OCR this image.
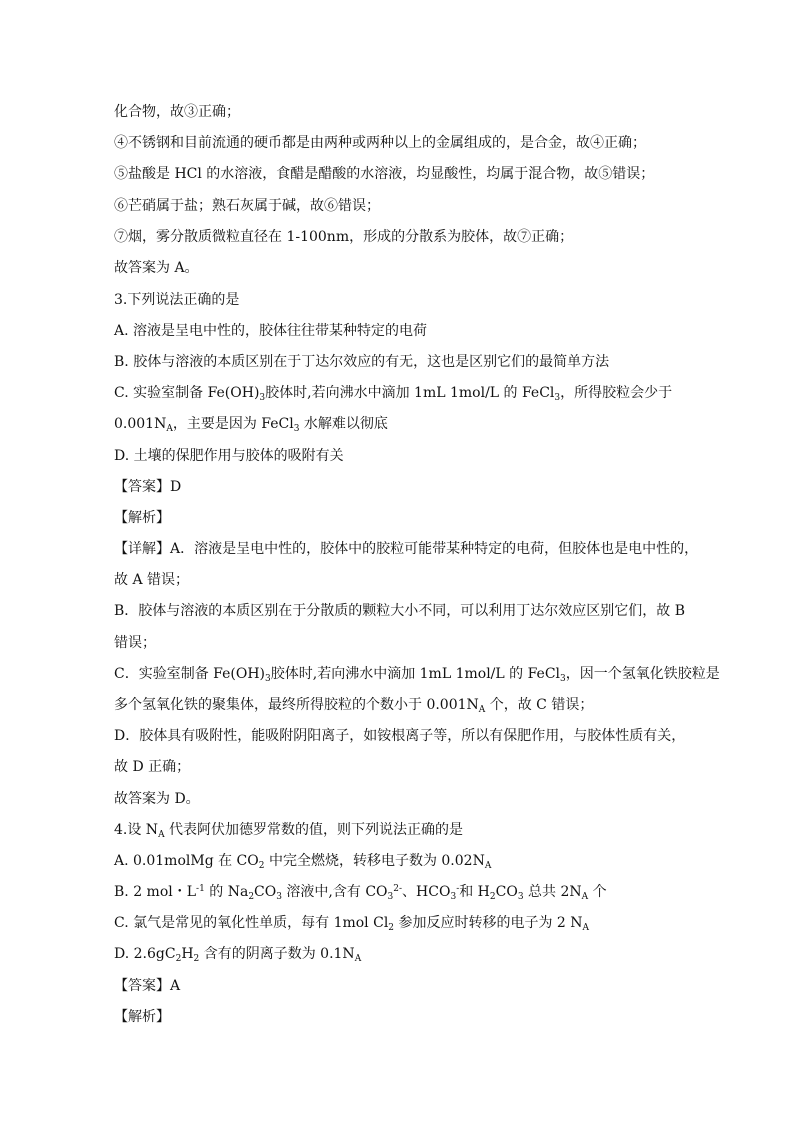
化合物，故③正确；
④不锈钢和目前流通的硬币都是由两种或两种以上的金属组成的，是合金，故④正确；
⑤盐酸是 HCl 的水溶液，食醋是醋酸的水溶液，均显酸性，均属于混合物，故⑤错误；
⑥芒硝属于盐；熟石灰属于碱，故⑥错误；
⑦烟，雾分散质微粒直径在 1-100nm，形成的分散系为胶体，故⑦正确；
故答案为 A。
3.下列说法正确的是
A. 溶液是呈电中性的，胶体往往带某种特定的电荷
B. 胶体与溶液的本质区别在于丁达尔效应的有无，这也是区别它们的最简单方法
C. 实验室制备 $Fe(OH)_3$胶体时,若向沸水中滴加 1mL 1mol/L 的 FeCl$_3$，所得胶粒会少于
$0.001N_A$，主要是因为 FeCl$_3$ 水解难以彻底
D. 土壤的保肥作用与胶体的吸附有关
【答案】D
【解析】
【详解】A．溶液是呈电中性的，胶体中的胶粒可能带某种特定的电荷，但胶体也是电中性的，
故 A 错误；
B．胶体与溶液的本质区别在于分散质的颗粒大小不同，可以利用丁达尔效应区别它们，故 B
错误；
C．实验室制备 $Fe(OH)_3$胶体时,若向沸水中滴加 1mL 1mol/L 的 FeCl$_3$，因一个氢氧化铁胶粒是
多个氢氧化铁的聚集体，最终所得胶粒的个数小于 $0.001N_A$ 个，故 C 错误；
D．胶体具有吸附性，能吸附阴阳离子，如铵根离子等，所以有保肥作用，与胶体性质有关，
故 D 正确；
故答案为 D。
4.设 $N_A$ 代表阿伏加德罗常数的值，则下列说法正确的是
A. 0.01molMg 在 $CO_2$ 中完全燃烧，转移电子数为 $0.02N_A$
B. 2 mol・$L^{-1}$ 的 $Na_2CO_3$ 溶液中,含有 $CO_3^{2-}$、$HCO_3^-$和 $H_2CO_3$ 总共 $2N_A$ 个
C. 氯气是常见的氧化性单质，每有 1mol $Cl_2$ 参加反应时转移的电子为 2 $N_A$
D. $2.6gC_2H_2$ 含有的阴离子数为 $0.1N_A$
【答案】A
【解析】
